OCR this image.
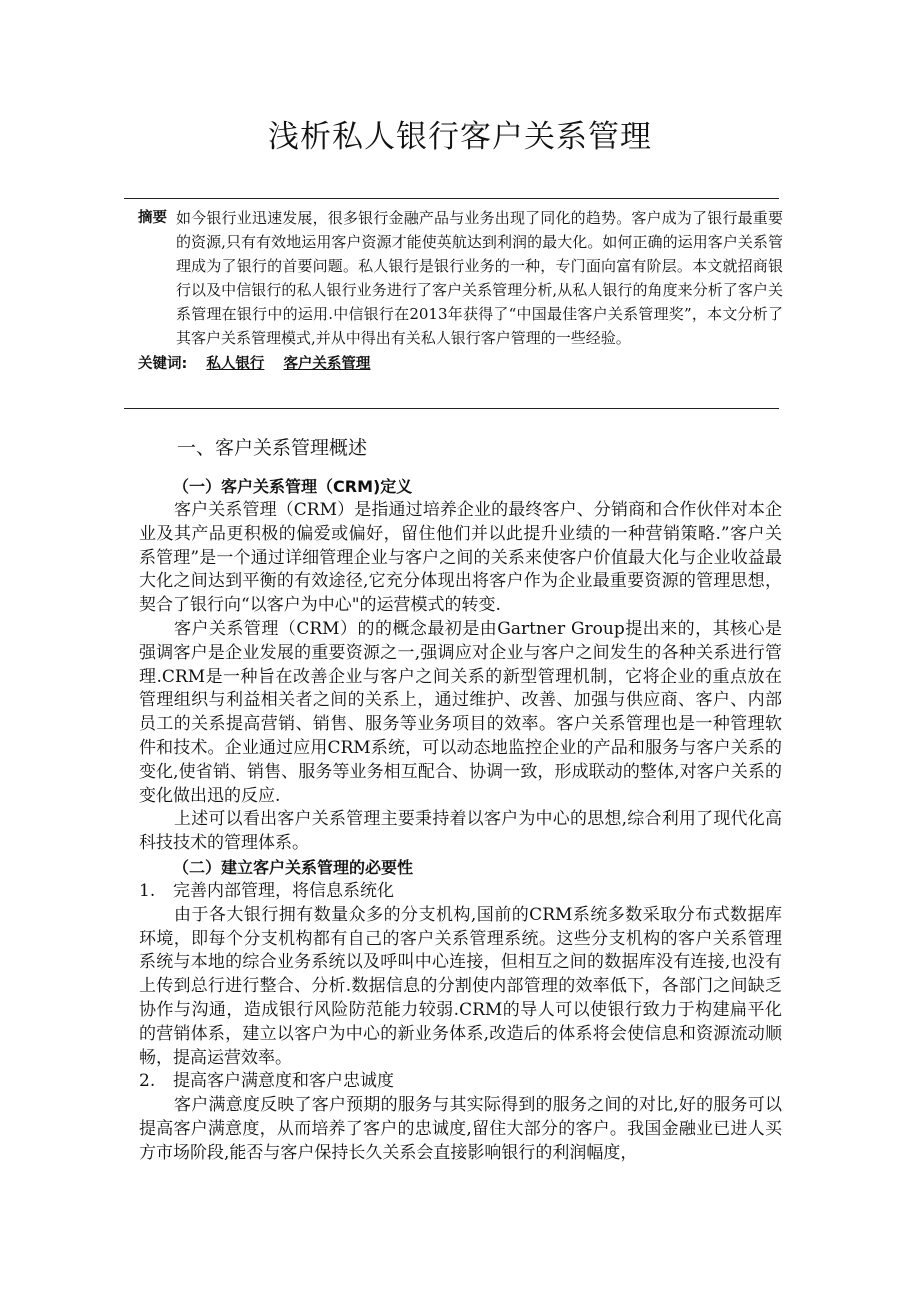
浅析私人银行客户关系管理
摘要 如今银行业迅速发展，很多银行金融产品与业务出现了同化的趋势。客户成为了银行最重要的资源,只有有效地运用客户资源才能使英航达到利润的最大化。如何正确的运用客户关系管理成为了银行的首要问题。私人银行是银行业务的一种，专门面向富有阶层。本文就招商银行以及中信银行的私人银行业务进行了客户关系管理分析,从私人银行的角度来分析了客户关系管理在银行中的运用.中信银行在2013年获得了“中国最佳客户关系管理奖”，本文分析了其客户关系管理模式,并从中得出有关私人银行客户管理的一些经验。
关键词: 私人银行 客户关系管理
一、客户关系管理概述
（一）客户关系管理（CRM)定义

客户关系管理（CRM）是指通过培养企业的最终客户、分销商和合作伙伴对本企业及其产品更积极的偏爱或偏好，留住他们并以此提升业绩的一种营销策略.”客户关系管理”是一个通过详细管理企业与客户之间的关系来使客户价值最大化与企业收益最大化之间达到平衡的有效途径,它充分体现出将客户作为企业最重要资源的管理思想，契合了银行向“以客户为中心"的运营模式的转变.

客户关系管理（CRM）的的概念最初是由Gartner Group提出来的，其核心是强调客户是企业发展的重要资源之一,强调应对企业与客户之间发生的各种关系进行管理.CRM是一种旨在改善企业与客户之间关系的新型管理机制，它将企业的重点放在管理组织与利益相关者之间的关系上，通过维护、改善、加强与供应商、客户、内部员工的关系提高营销、销售、服务等业务项目的效率。客户关系管理也是一种管理软件和技术。企业通过应用CRM系统，可以动态地监控企业的产品和服务与客户关系的变化,使省销、销售、服务等业务相互配合、协调一致，形成联动的整体,对客户关系的变化做出迅的反应.

上述可以看出客户关系管理主要秉持着以客户为中心的思想,综合利用了现代化高科技技术的管理体系。

（二）建立客户关系管理的必要性

1. 完善内部管理，将信息系统化

由于各大银行拥有数量众多的分支机构,国前的CRM系统多数采取分布式数据库环境，即每个分支机构都有自己的客户关系管理系统。这些分支机构的客户关系管理系统与本地的综合业务系统以及呼叫中心连接，但相互之间的数据库没有连接,也没有上传到总行进行整合、分析.数据信息的分割使内部管理的效率低下，各部门之间缺乏协作与沟通，造成银行风险防范能力较弱.CRM的导人可以使银行致力于构建扁平化的营销体系，建立以客户为中心的新业务体系,改造后的体系将会使信息和资源流动顺畅，提高运营效率。

2. 提高客户满意度和客户忠诚度

客户满意度反映了客户预期的服务与其实际得到的服务之间的对比,好的服务可以提高客户满意度，从而培养了客户的忠诚度,留住大部分的客户。我国金融业已进人买方市场阶段,能否与客户保持长久关系会直接影响银行的利润幅度，
